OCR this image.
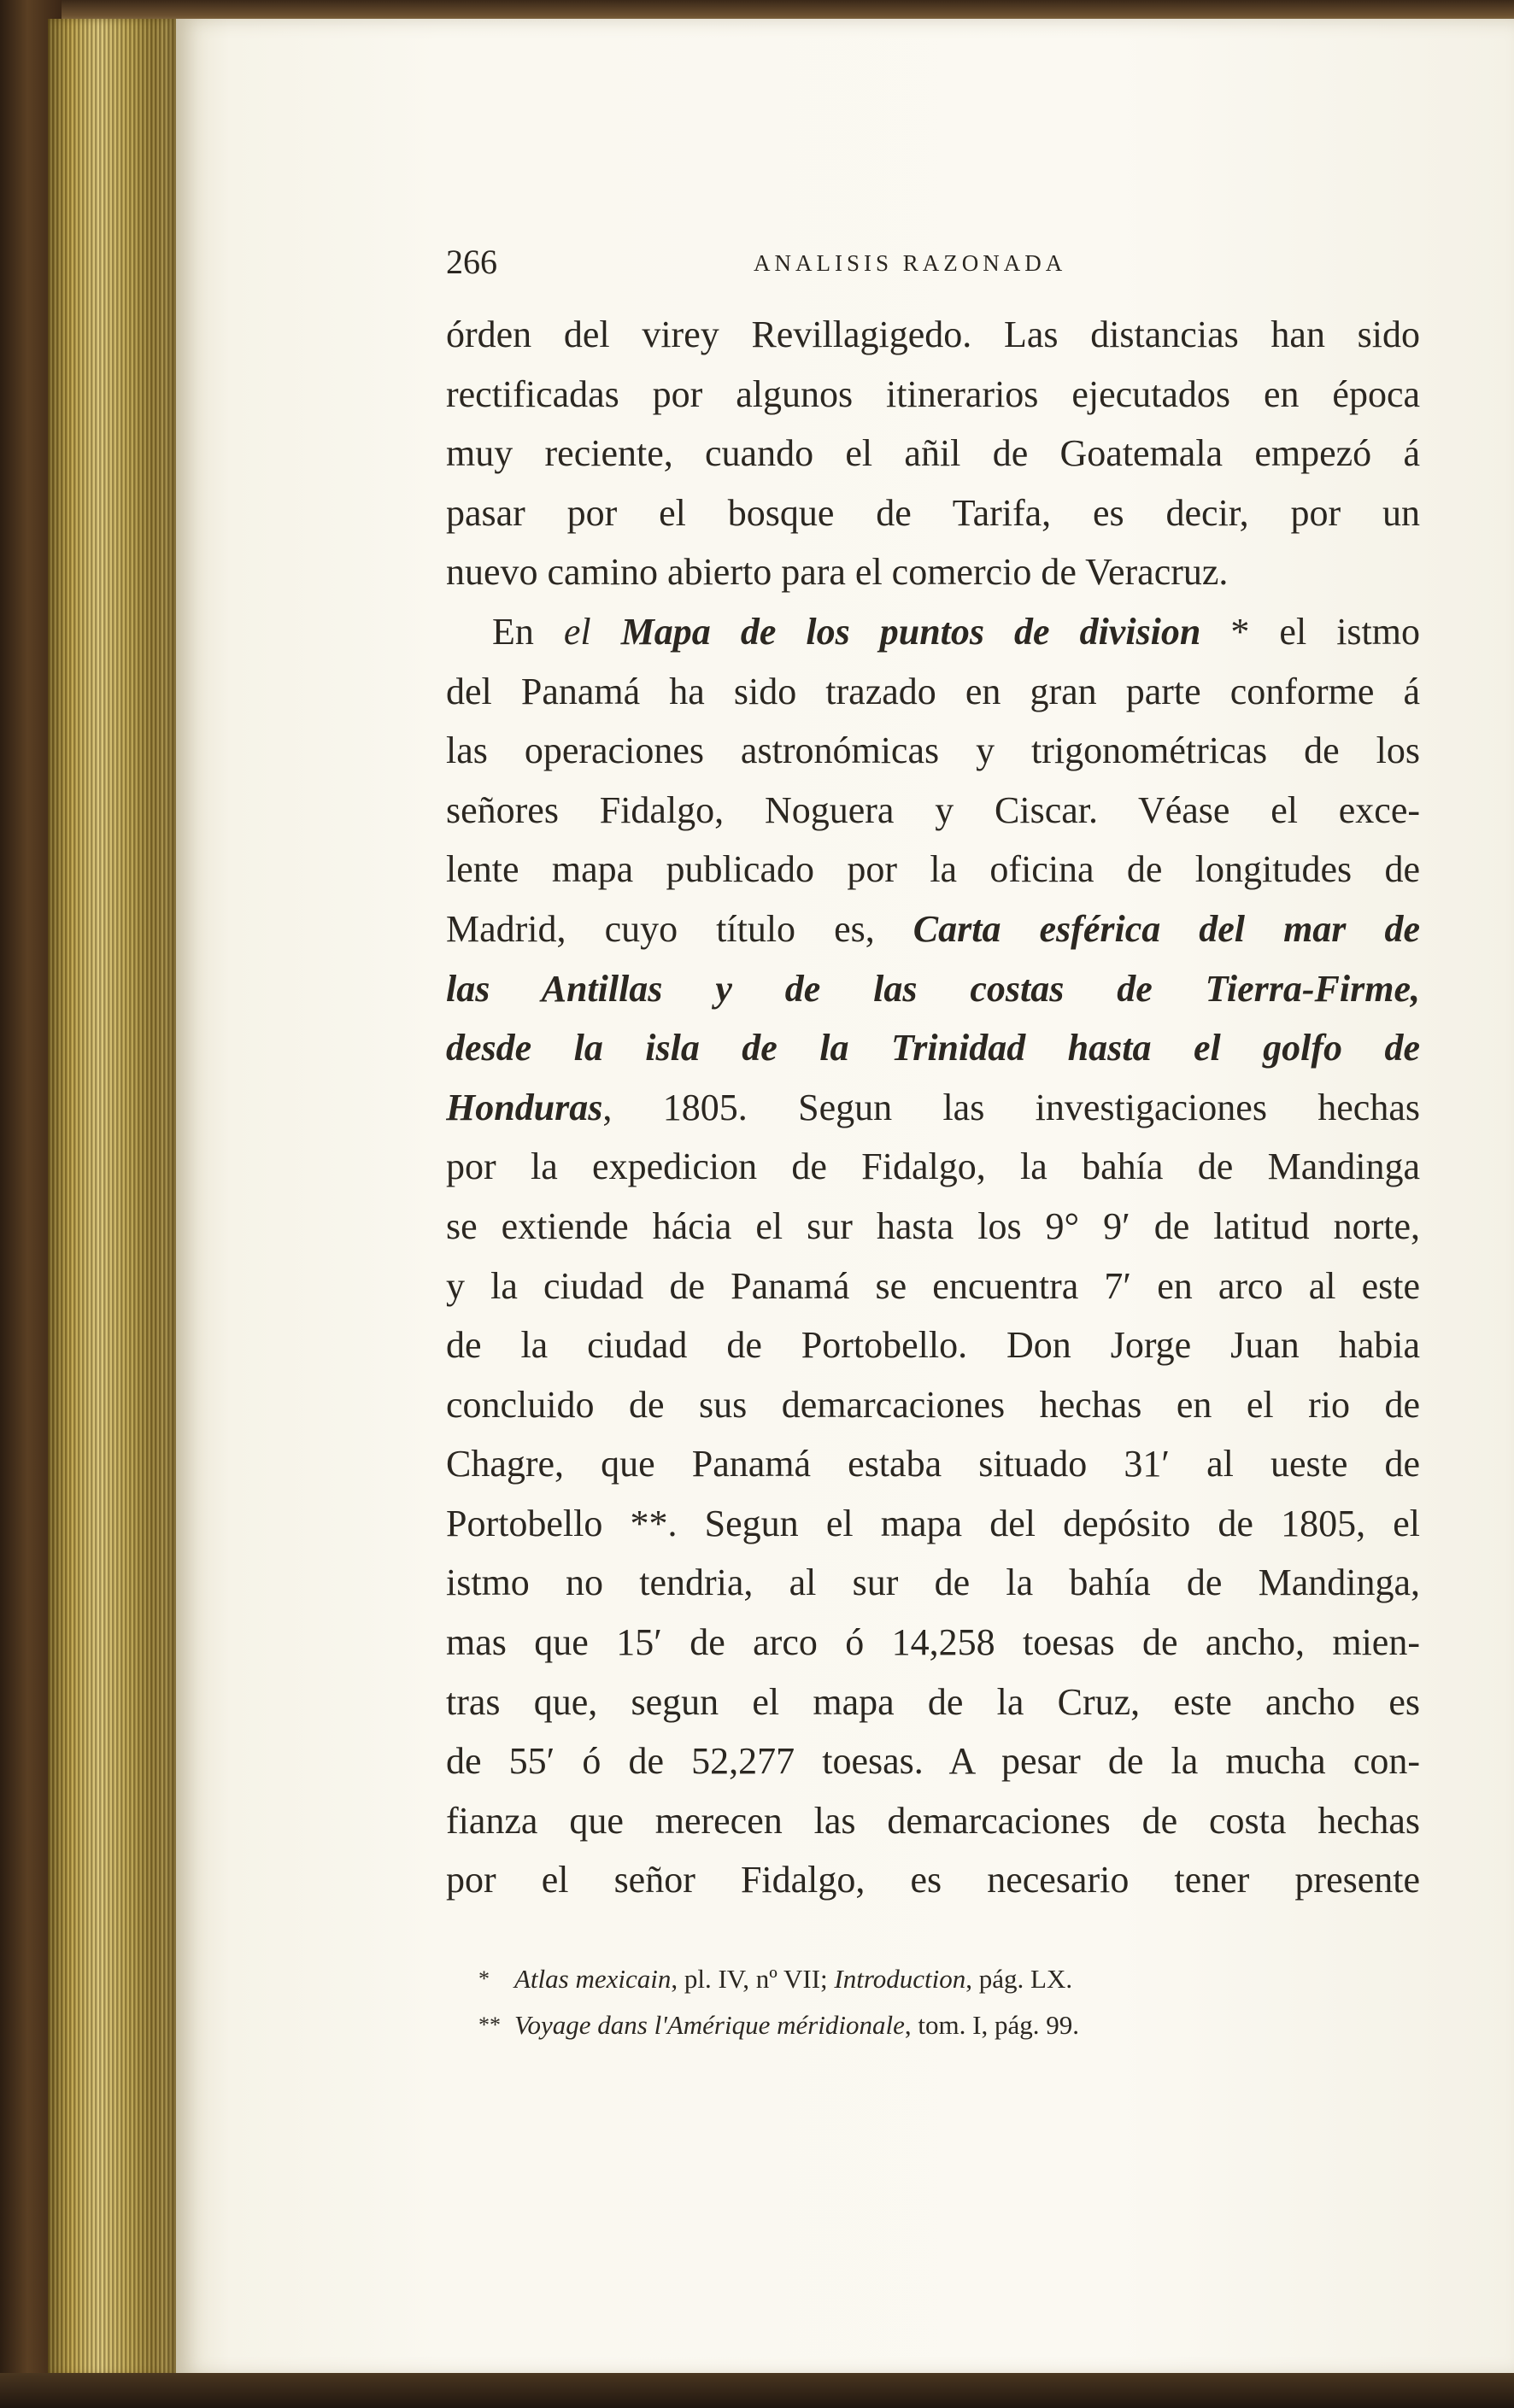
266	ANALISIS RAZONADA
órden del virey Revillagigedo. Las distancias han sido
rectificadas por algunos itinerarios ejecutados en época
muy reciente, cuando el añil de Goatemala empezó á
pasar por el bosque de Tarifa, es decir, por un
nuevo camino abierto para el comercio de Veracruz.
En el Mapa de los puntos de division * el istmo
del Panamá ha sido trazado en gran parte conforme á
las operaciones astronómicas y trigonométricas de los
señores Fidalgo, Noguera y Ciscar. Véase el exce-
lente mapa publicado por la oficina de longitudes de
Madrid, cuyo título es, Carta esférica del mar de
las Antillas y de las costas de Tierra-Firme,
desde la isla de la Trinidad hasta el golfo de
Honduras, 1805. Segun las investigaciones hechas
por la expedicion de Fidalgo, la bahía de Mandinga
se extiende hácia el sur hasta los 9° 9′ de latitud norte,
y la ciudad de Panamá se encuentra 7′ en arco al este
de la ciudad de Portobello. Don Jorge Juan habia
concluido de sus demarcaciones hechas en el rio de
Chagre, que Panamá estaba situado 31′ al ueste de
Portobello **. Segun el mapa del depósito de 1805, el
istmo no tendria, al sur de la bahía de Mandinga,
mas que 15′ de arco ó 14,258 toesas de ancho, mien-
tras que, segun el mapa de la Cruz, este ancho es
de 55′ ó de 52,277 toesas. A pesar de la mucha con-
fianza que merecen las demarcaciones de costa hechas
por el señor Fidalgo, es necesario tener presente
* Atlas mexicain, pl. IV, nº VII; Introduction, pág. LX.
** Voyage dans l'Amérique méridionale, tom. I, pág. 99.
